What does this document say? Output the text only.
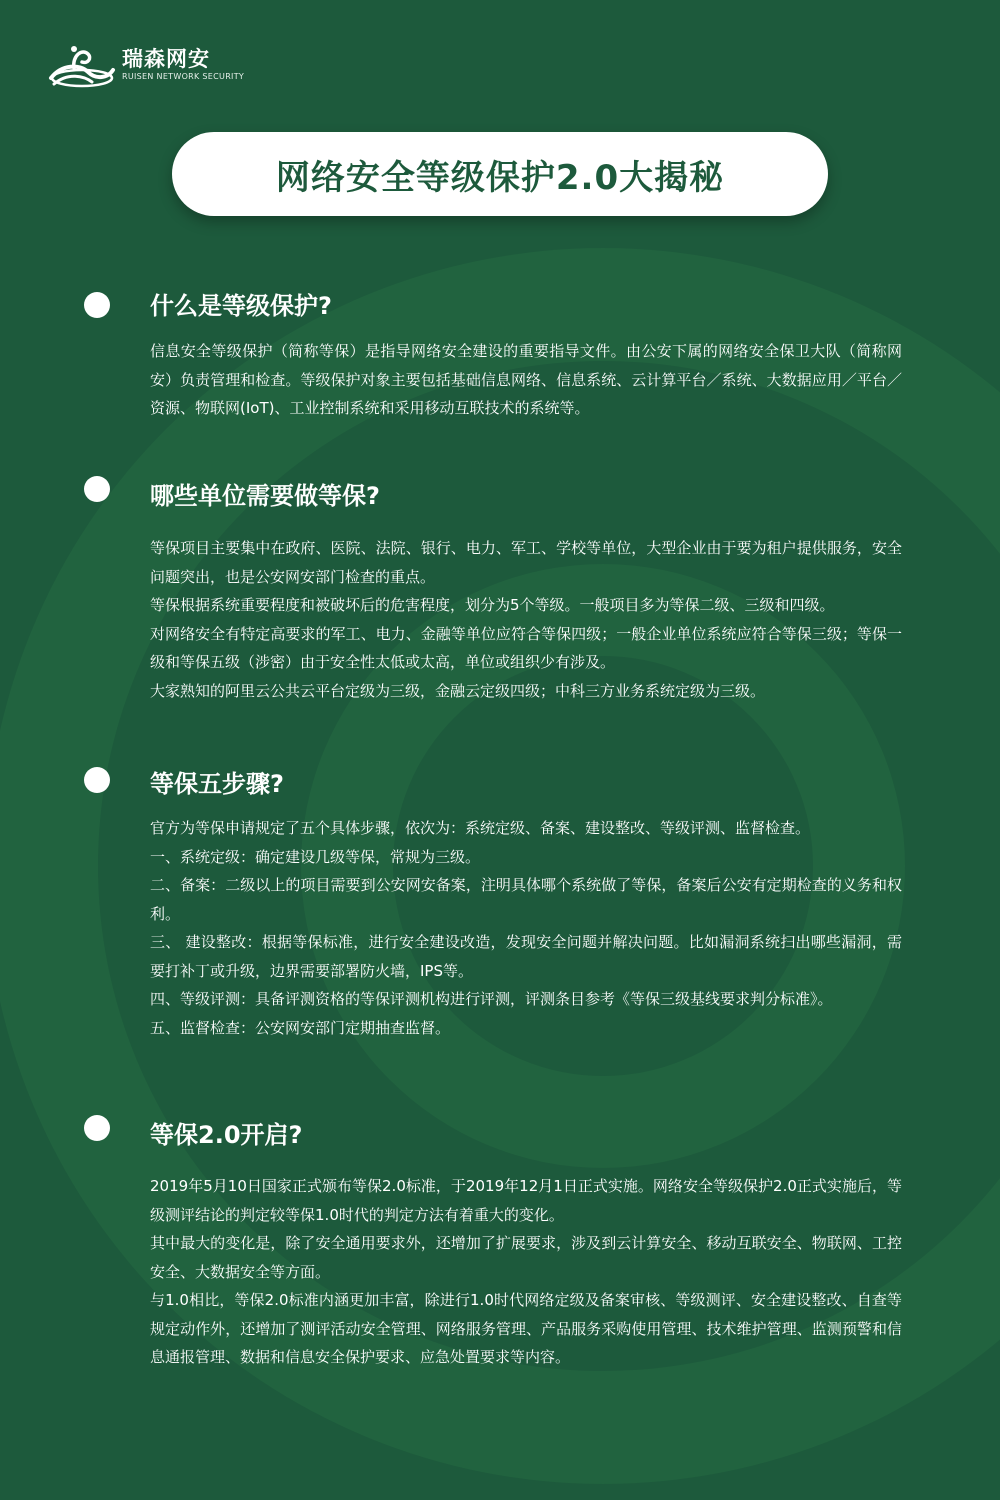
瑞森网安
RUISEN NETWORK SECURITY
网络安全等级保护2.0大揭秘
什么是等级保护?

信息安全等级保护（简称等保）是指导网络安全建设的重要指导文件。由公安下属的网络安全保卫大队（简称网安）负责管理和检查。等级保护对象主要包括基础信息网络、信息系统、云计算平台／系统、大数据应用／平台／资源、物联网(IoT)、工业控制系统和采用移动互联技术的系统等。

哪些单位需要做等保?

等保项目主要集中在政府、医院、法院、银行、电力、军工、学校等单位，大型企业由于要为租户提供服务，安全问题突出，也是公安网安部门检查的重点。

等保根据系统重要程度和被破坏后的危害程度，划分为5个等级。一般项目多为等保二级、三级和四级。

对网络安全有特定高要求的军工、电力、金融等单位应符合等保四级；一般企业单位系统应符合等保三级；等保一级和等保五级（涉密）由于安全性太低或太高，单位或组织少有涉及。

大家熟知的阿里云公共云平台定级为三级，金融云定级四级；中科三方业务系统定级为三级。

等保五步骤?

官方为等保申请规定了五个具体步骤，依次为：系统定级、备案、建设整改、等级评测、监督检查。

一、系统定级：确定建设几级等保，常规为三级。

二、备案：二级以上的项目需要到公安网安备案，注明具体哪个系统做了等保，备案后公安有定期检查的义务和权利。

三、 建设整改：根据等保标准，进行安全建设改造，发现安全问题并解决问题。比如漏洞系统扫出哪些漏洞，需要打补丁或升级，边界需要部署防火墙，IPS等。

四、等级评测：具备评测资格的等保评测机构进行评测，评测条目参考《等保三级基线要求判分标准》。

五、监督检查：公安网安部门定期抽查监督。

等保2.0开启?

2019年5月10日国家正式颁布等保2.0标准，于2019年12月1日正式实施。网络安全等级保护2.0正式实施后，等级测评结论的判定较等保1.0时代的判定方法有着重大的变化。

其中最大的变化是，除了安全通用要求外，还增加了扩展要求，涉及到云计算安全、移动互联安全、物联网、工控安全、大数据安全等方面。

与1.0相比，等保2.0标准内涵更加丰富，除进行1.0时代网络定级及备案审核、等级测评、安全建设整改、自查等规定动作外，还增加了测评活动安全管理、网络服务管理、产品服务采购使用管理、技术维护管理、监测预警和信息通报管理、数据和信息安全保护要求、应急处置要求等内容。
